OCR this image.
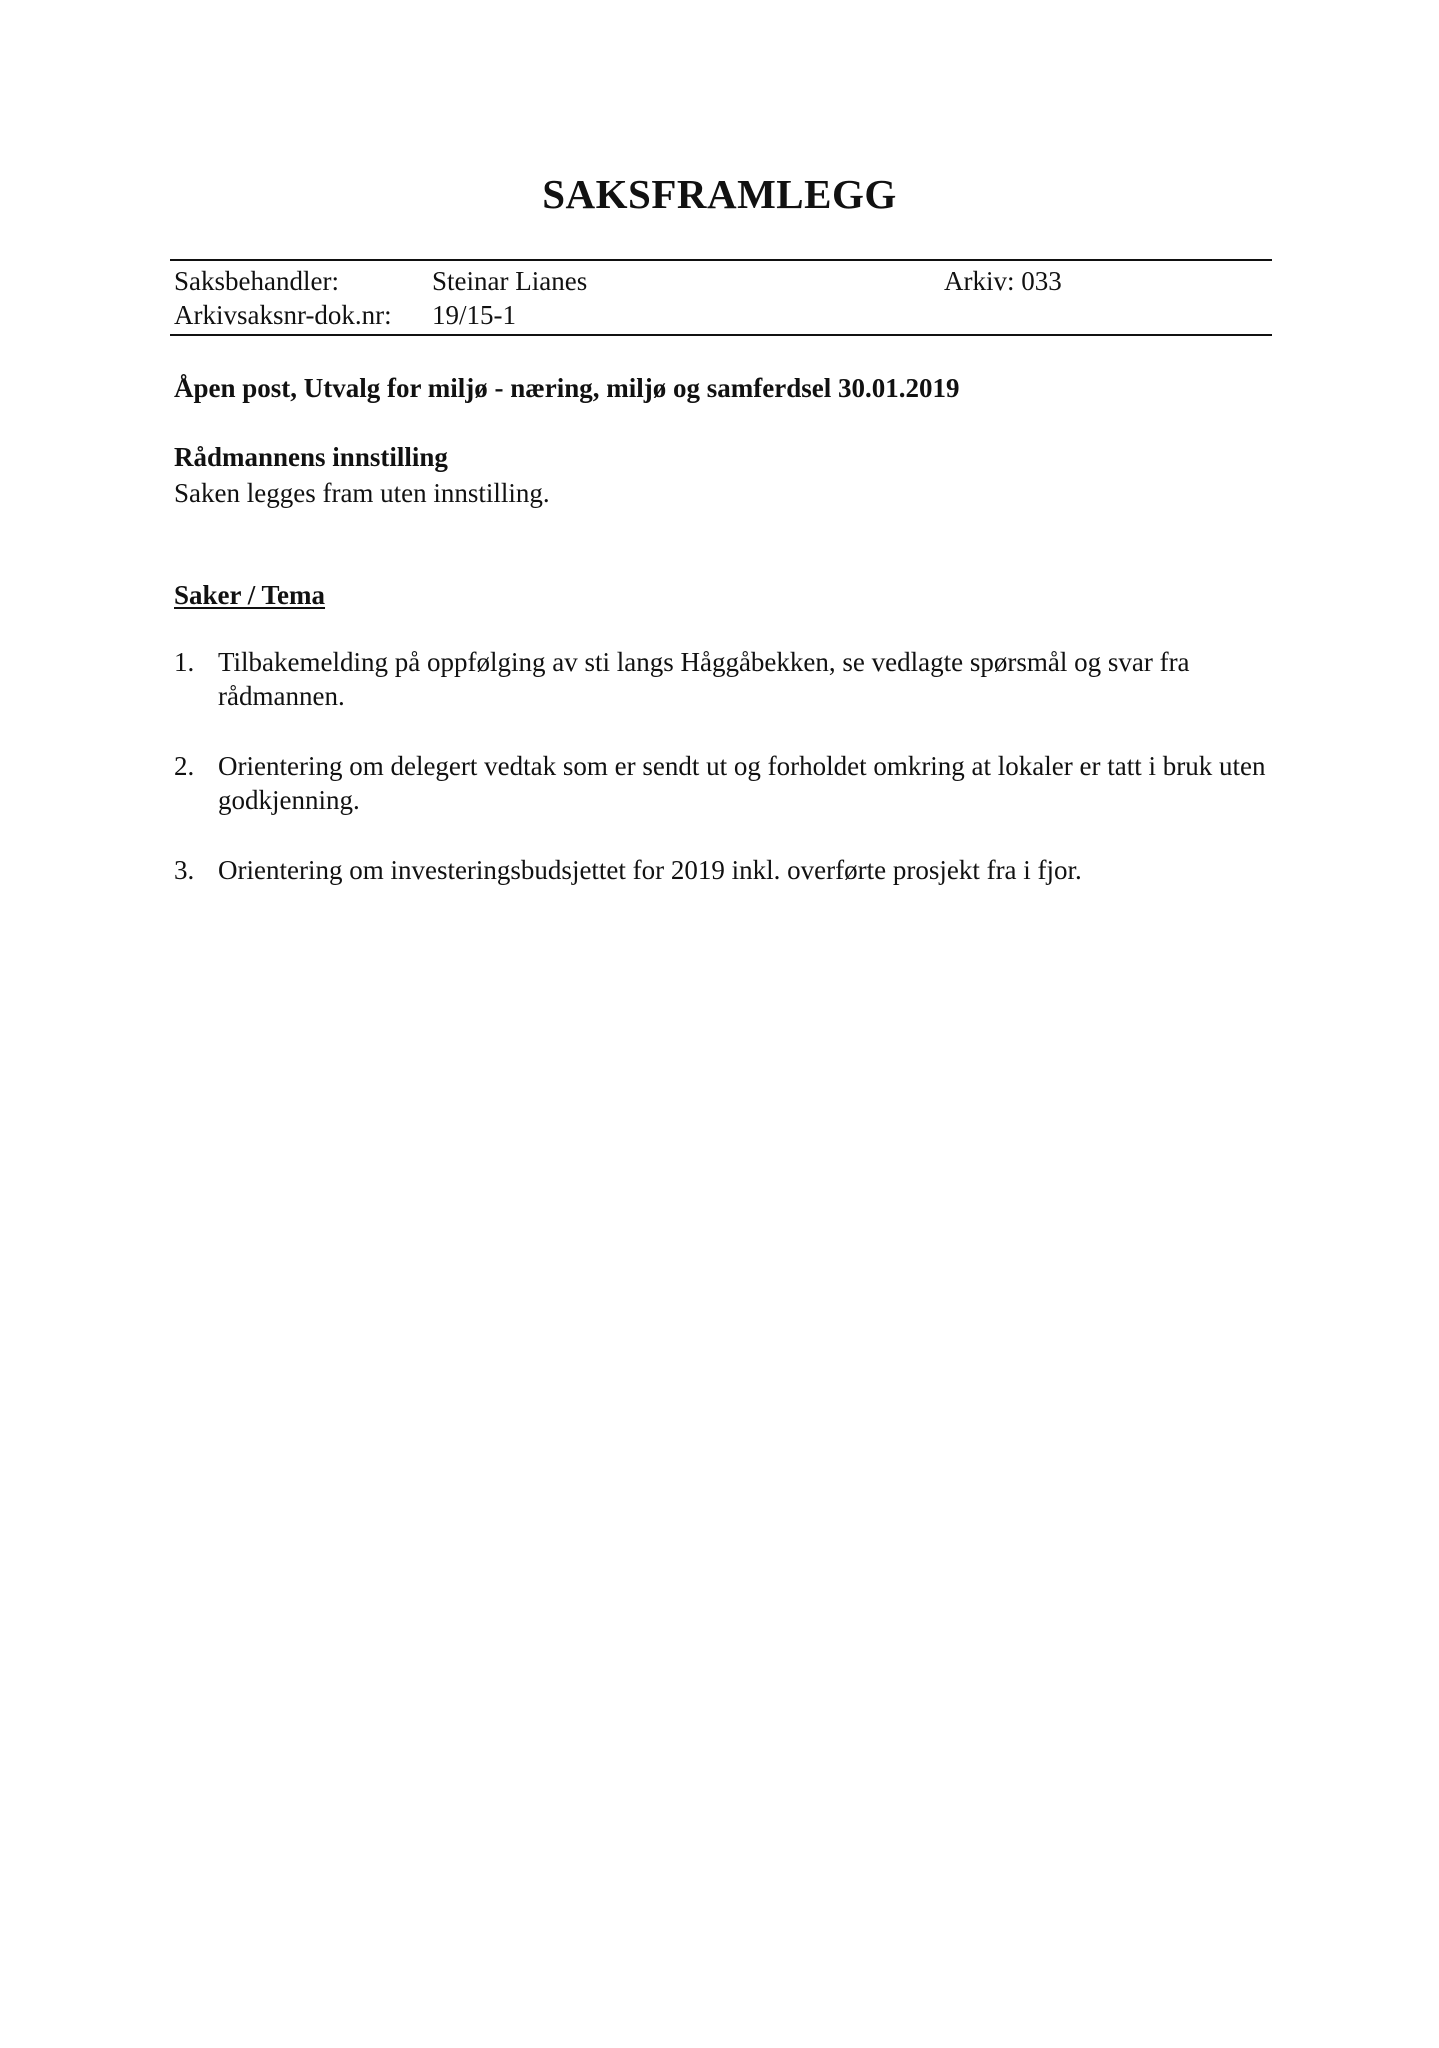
SAKSFRAMLEGG
Saksbehandler:	Steinar Lianes	Arkiv: 033
Arkivsaksnr-dok.nr: 19/15-1

Åpen post, Utvalg for miljø - næring, miljø og samferdsel 30.01.2019

Rådmannens innstilling

Saken legges fram uten innstilling.

Saker / Tema
1. Tilbakemelding på oppfølging av sti langs Håggåbekken, se vedlagte spørsmål og svar fra rådmannen.
2. Orientering om delegert vedtak som er sendt ut og forholdet omkring at lokaler er tatt i bruk uten godkjenning.
3. Orientering om investeringsbudsjettet for 2019 inkl. overførte prosjekt fra i fjor.
